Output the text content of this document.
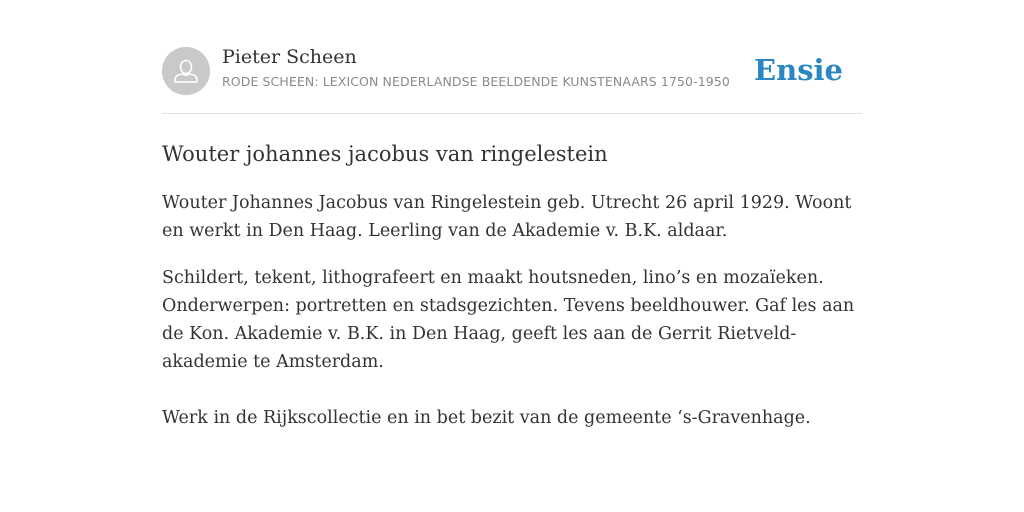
Pieter Scheen
RODE SCHEEN: LEXICON NEDERLANDSE BEELDENDE KUNSTENAARS 1750-1950 Ensie
Wouter johannes jacobus van ringelestein

Wouter Johannes Jacobus van Ringelestein geb. Utrecht 26 april 1929. Woont en werkt in Den Haag. Leerling van de Akademie v. B.K. aldaar.

Schildert, tekent, lithografeert en maakt houtsneden, lino’s en mozaïeken. Onderwerpen: portretten en stadsgezichten. Tevens beeldhouwer. Gaf les aan de Kon. Akademie v. B.K. in Den Haag, geeft les aan de Gerrit Rietveld-akademie te Amsterdam.

Werk in de Rijkscollectie en in bet bezit van de gemeente ‘s-Gravenhage.
